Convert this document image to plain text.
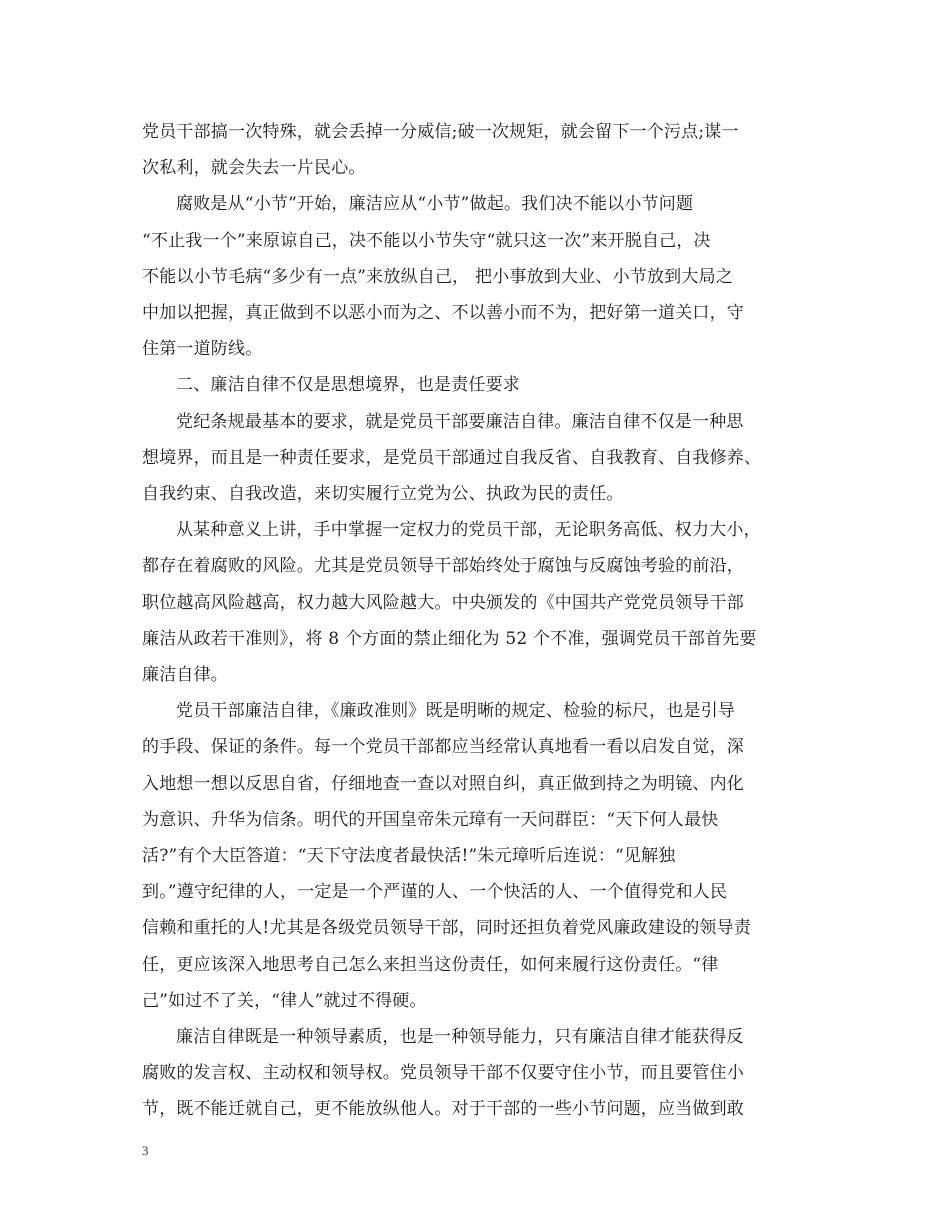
党员干部搞一次特殊，就会丢掉一分威信;破一次规矩，就会留下一个污点;谋一
次私利，就会失去一片民心。

腐败是从“小节”开始，廉洁应从“小节”做起。我们决不能以小节问题
“不止我一个”来原谅自己，决不能以小节失守“就只这一次”来开脱自己，决
不能以小节毛病“多少有一点”来放纵自己， 把小事放到大业、小节放到大局之
中加以把握，真正做到不以恶小而为之、不以善小而不为，把好第一道关口，守
住第一道防线。

二、廉洁自律不仅是思想境界，也是责任要求

党纪条规最基本的要求，就是党员干部要廉洁自律。廉洁自律不仅是一种思
想境界，而且是一种责任要求，是党员干部通过自我反省、自我教育、自我修养、
自我约束、自我改造，来切实履行立党为公、执政为民的责任。

从某种意义上讲，手中掌握一定权力的党员干部，无论职务高低、权力大小，
都存在着腐败的风险。尤其是党员领导干部始终处于腐蚀与反腐蚀考验的前沿，
职位越高风险越高，权力越大风险越大。中央颁发的《中国共产党党员领导干部
廉洁从政若干准则》，将 8 个方面的禁止细化为 52 个不准，强调党员干部首先要
廉洁自律。

党员干部廉洁自律，《廉政准则》既是明晰的规定、检验的标尺，也是引导
的手段、保证的条件。每一个党员干部都应当经常认真地看一看以启发自觉，深
入地想一想以反思自省，仔细地查一查以对照自纠，真正做到持之为明镜、内化
为意识、升华为信条。明代的开国皇帝朱元璋有一天问群臣：“天下何人最快
活?”有个大臣答道：“天下守法度者最快活!”朱元璋听后连说：“见解独
到。”遵守纪律的人，一定是一个严谨的人、一个快活的人、一个值得党和人民
信赖和重托的人!尤其是各级党员领导干部，同时还担负着党风廉政建设的领导责
任，更应该深入地思考自己怎么来担当这份责任，如何来履行这份责任。“律
己”如过不了关，“律人”就过不得硬。

廉洁自律既是一种领导素质，也是一种领导能力，只有廉洁自律才能获得反
腐败的发言权、主动权和领导权。党员领导干部不仅要守住小节，而且要管住小
节，既不能迁就自己，更不能放纵他人。对于干部的一些小节问题，应当做到敢

3
